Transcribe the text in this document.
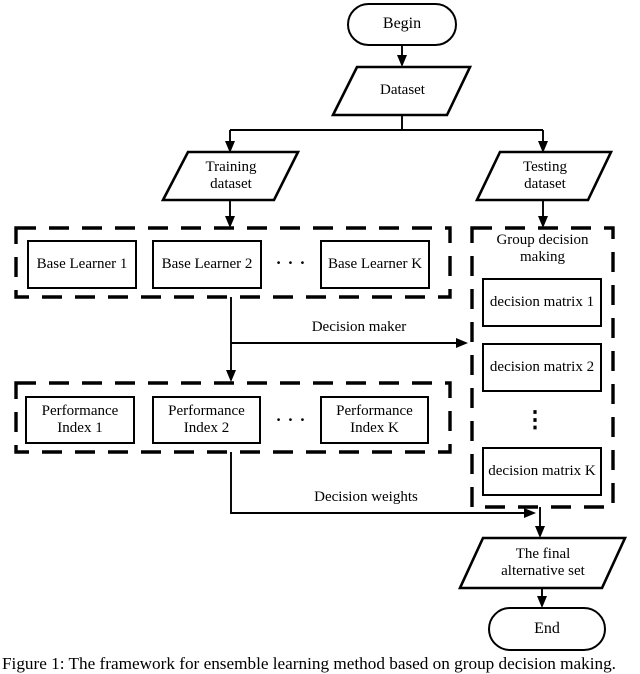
Begin
End
Dataset
Training dataset
Testing dataset
The final alternative set
Base Learner 1	Base Learner 2	· · ·	Base Learner K
Group decision making
decision matrix 1
decision matrix 2
⋮
decision matrix K
Decision maker
Decision weights
Performance Index 1
Performance Index 2	· · ·	Performance Index K
Figure 1: The framework for ensemble learning method based on group decision making.
